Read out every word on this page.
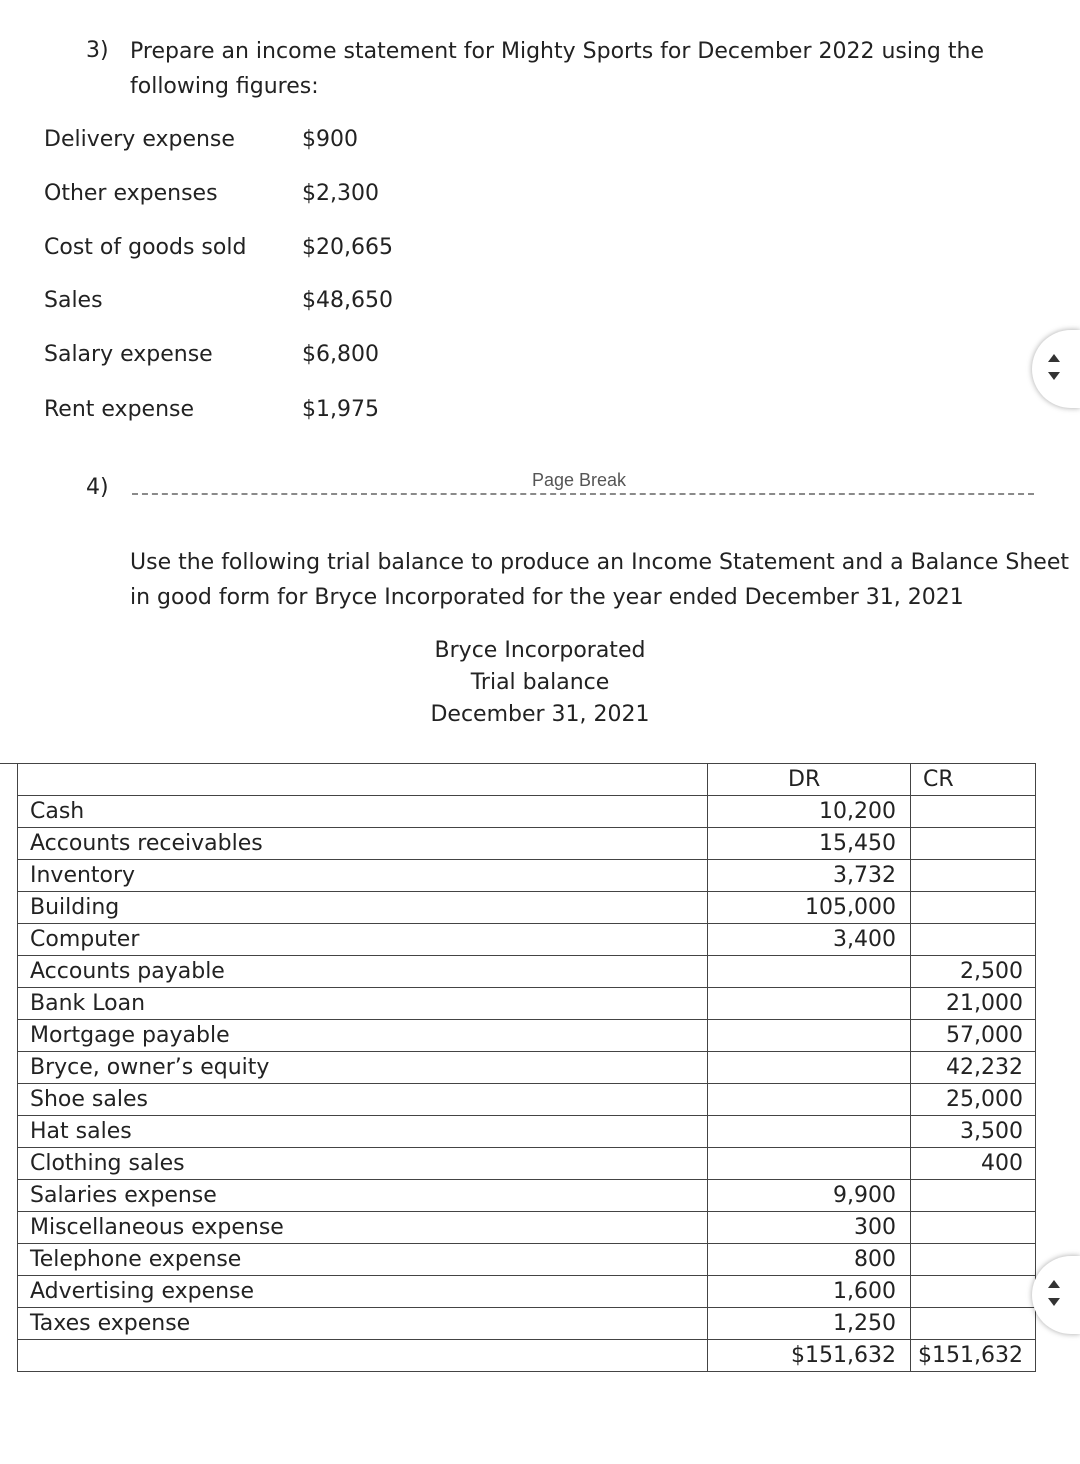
3) Prepare an income statement for Mighty Sports for December 2022 using the
following figures:
Delivery expense	$900
Other expenses	$2,300
Cost of goods sold	$20,665
Sales	$48,650
Salary expense	$6,800
Rent expense	$1,975
4)	Page Break
Use the following trial balance to produce an Income Statement and a Balance Sheet
in good form for Bryce Incorporated for the year ended December 31, 2021
Bryce Incorporated
Trial balance
December 31, 2021
	DR	CR
Cash	10,200	
Accounts receivables	15,450	
Inventory	3,732	
Building	105,000	
Computer	3,400	
Accounts payable		2,500
Bank Loan		21,000
Mortgage payable		57,000
Bryce, owner’s equity		42,232
Shoe sales		25,000
Hat sales		3,500
Clothing sales		400
Salaries expense	9,900	
Miscellaneous expense	300	
Telephone expense	800	
Advertising expense	1,600	
Taxes expense	1,250	
	$151,632	$151,632
